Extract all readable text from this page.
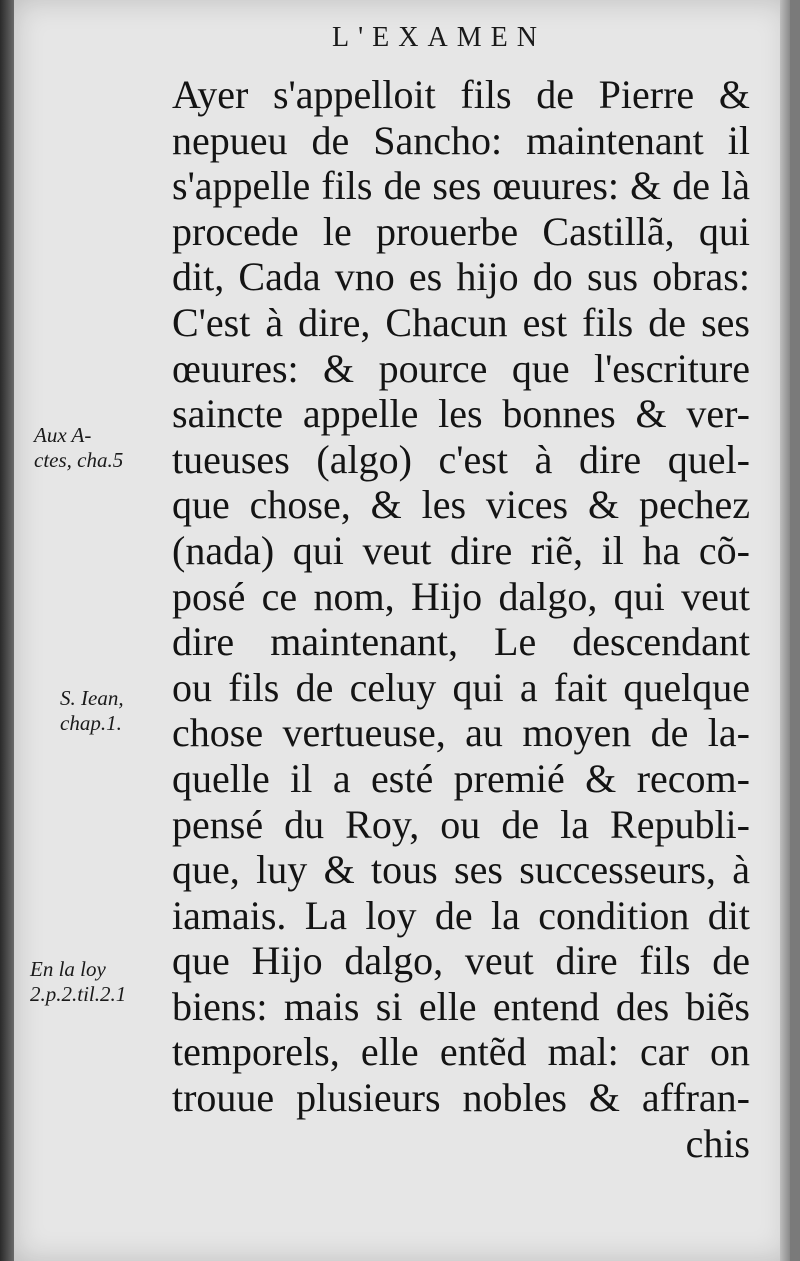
L'EXAMEN
Aux A-
ctes, cha.5
S. Iean,
chap.1.
En la loy
2.p.2.til.2.1
Ayer s'appelloit fils de Pierre &
nepueu de Sancho: maintenant il
s'appelle fils de ses œuures: & de là
procede le prouerbe Castillã, qui
dit, Cada vno es hijo do sus obras:
C'est à dire, Chacun est fils de ses
œuures: & pource que l'escriture
saincte appelle les bonnes & ver-
tueuses (algo) c'est à dire quel-
que chose, & les vices & pechez
(nada) qui veut dire riẽ, il ha cõ-
posé ce nom, Hijo dalgo, qui veut
dire maintenant, Le descendant
ou fils de celuy qui a fait quelque
chose vertueuse, au moyen de la-
quelle il a esté premié & recom-
pensé du Roy, ou de la Republi-
que, luy & tous ses successeurs, à
iamais. La loy de la condition dit
que Hijo dalgo, veut dire fils de
biens: mais si elle entend des biẽs
temporels, elle entẽd mal: car on
trouue plusieurs nobles & affran-
chis
